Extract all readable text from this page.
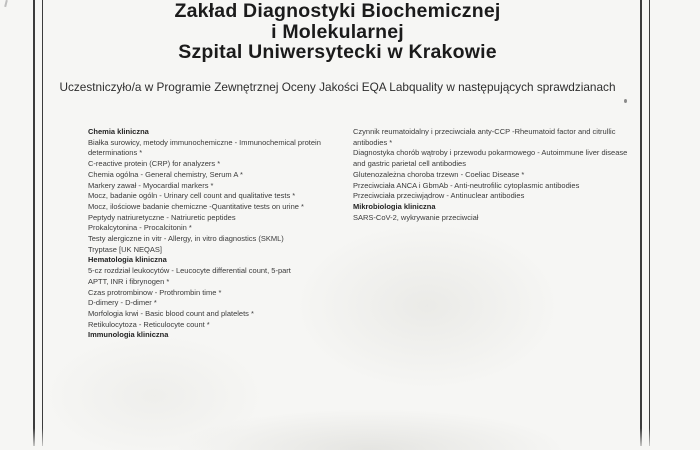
Zakład Diagnostyki Biochemicznej
i Molekularnej
Szpital Uniwersytecki w Krakowie
Uczestniczyło/a w Programie Zewnętrznej Oceny Jakości EQA Labquality w następujących sprawdzianach
Chemia kliniczna
Białka surowicy, metody immunochemiczne - Immunochemical protein determinations *
C-reactive protein (CRP) for analyzers *
Chemia ogólna - General chemistry, Serum A *
Markery zawał - Myocardial markers *
Mocz, badanie ogóln - Urinary cell count and qualitative tests *
Mocz, ilościowe badanie chemiczne -Quantitative tests on urine *
Peptydy natriuretyczne - Natriuretic peptides
Prokalcytonina - Procalcitonin *
Testy alergiczne in vitr - Allergy, in vitro diagnostics (SKML)
Tryptase [UK NEQAS]
Hematologia kliniczna
5-cz rozdział leukocytów - Leucocyte differential count, 5-part
APTT, INR i fibrynogen *
Czas protrombinow - Prothrombin time *
D-dimery - D-dimer *
Morfologia krwi - Basic blood count and platelets *
Retikulocytoza - Reticulocyte count *
Immunologia kliniczna
Czynnik reumatoidalny i przeciwciała anty-CCP -Rheumatoid factor and citrullic antibodies *
Diagnostyka chorób wątroby i przewodu pokarmowego - Autoimmune liver disease and gastric parietal cell antibodies
Glutenozależna choroba trzewn - Coeliac Disease *
Przeciwciała ANCA i GbmAb - Anti-neutrofilic cytoplasmic antibodies
Przeciwciała przeciwjądrow - Antinuclear antibodies
Mikrobiologia kliniczna
SARS-CoV-2, wykrywanie przeciwciał
